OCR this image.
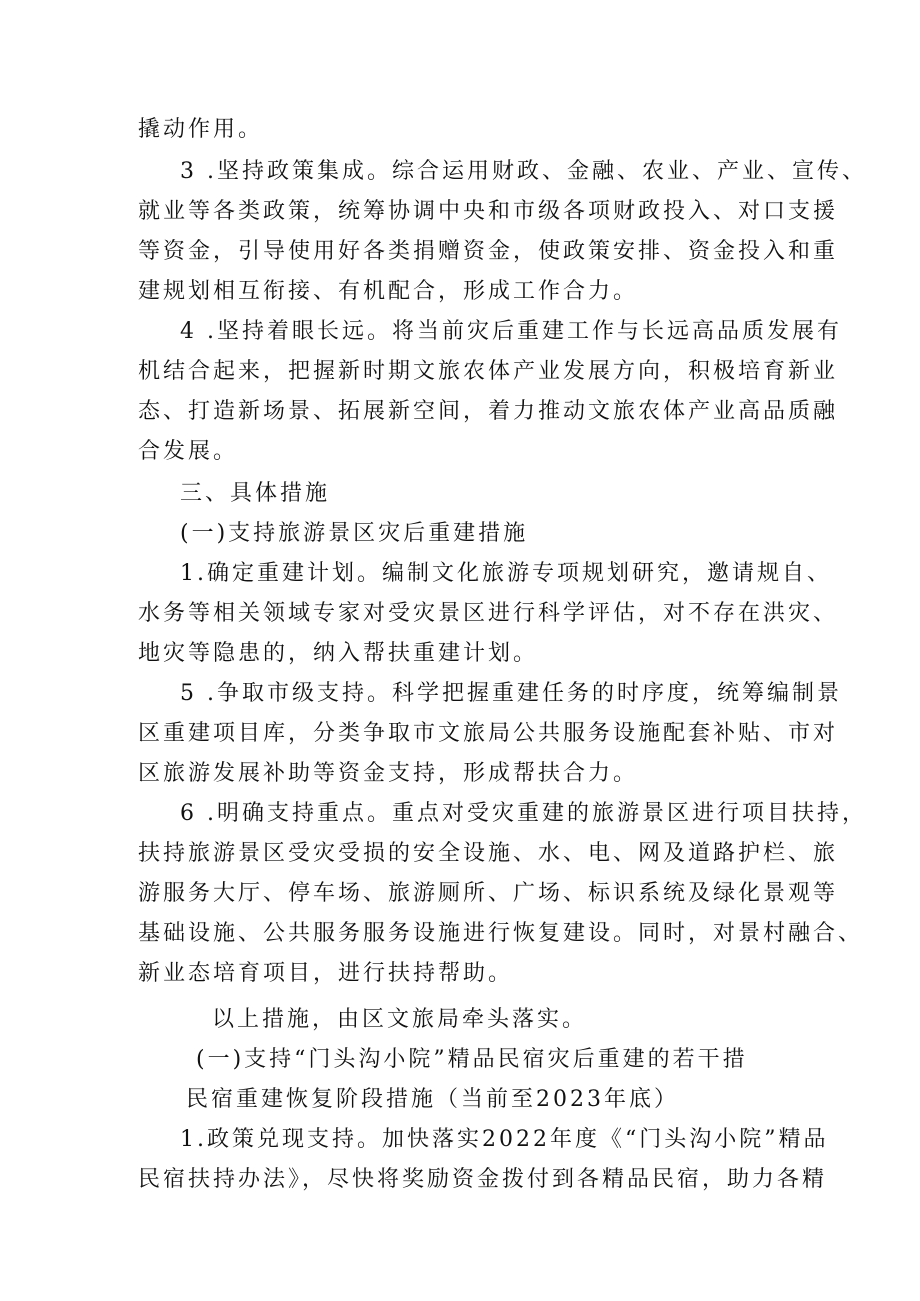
撬动作用。
3 .坚持政策集成。综合运用财政、金融、农业、产业、宣传、
就业等各类政策，统筹协调中央和市级各项财政投入、对口支援
等资金，引导使用好各类捐赠资金，使政策安排、资金投入和重
建规划相互衔接、有机配合，形成工作合力。
4 .坚持着眼长远。将当前灾后重建工作与长远高品质发展有
机结合起来，把握新时期文旅农体产业发展方向，积极培育新业
态、打造新场景、拓展新空间，着力推动文旅农体产业高品质融
合发展。
三、具体措施
(一)支持旅游景区灾后重建措施
1.确定重建计划。编制文化旅游专项规划研究，邀请规自、
水务等相关领域专家对受灾景区进行科学评估，对不存在洪灾、
地灾等隐患的，纳入帮扶重建计划。
5 .争取市级支持。科学把握重建任务的时序度，统筹编制景
区重建项目库，分类争取市文旅局公共服务设施配套补贴、市对
区旅游发展补助等资金支持，形成帮扶合力。
6 .明确支持重点。重点对受灾重建的旅游景区进行项目扶持，
扶持旅游景区受灾受损的安全设施、水、电、网及道路护栏、旅
游服务大厅、停车场、旅游厕所、广场、标识系统及绿化景观等
基础设施、公共服务服务设施进行恢复建设。同时，对景村融合、
新业态培育项目，进行扶持帮助。
以上措施，由区文旅局牵头落实。
(一)支持“门头沟小院”精品民宿灾后重建的若干措
民宿重建恢复阶段措施（当前至2023年底）
1.政策兑现支持。加快落实2022年度《“门头沟小院”精品
民宿扶持办法》，尽快将奖励资金拨付到各精品民宿，助力各精
